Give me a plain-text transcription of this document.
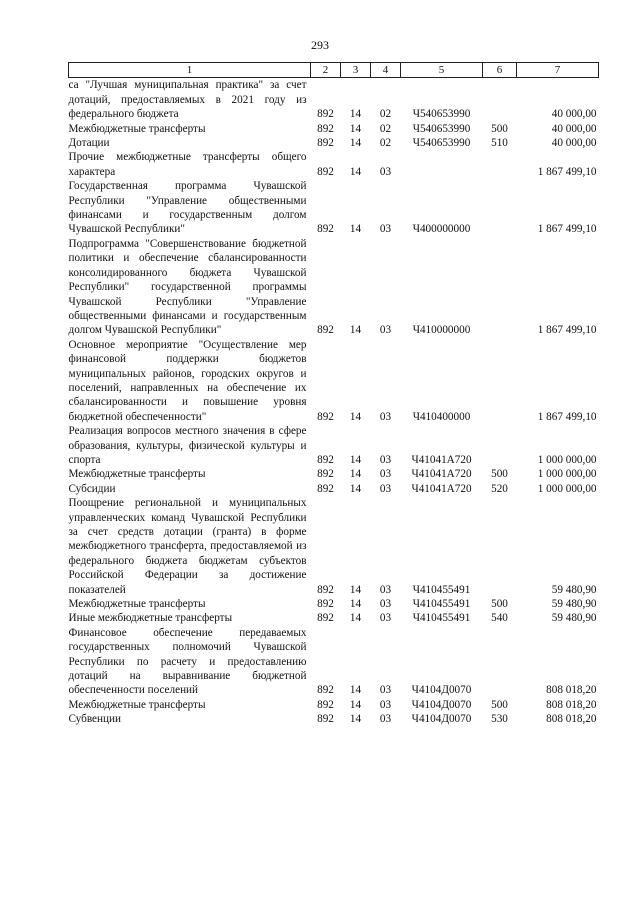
293
1	2	3	4	5	6	7
са "Лучшая муниципальная практика" за счет дотаций, предоставляемых в 2021 году из федерального бюджета	892	14	02	Ч540653990		40 000,00
Межбюджетные трансферты	892	14	02	Ч540653990	500	40 000,00
Дотации	892	14	02	Ч540653990	510	40 000,00
Прочие межбюджетные трансферты общего характера	892	14	03			1 867 499,10
Государственная программа Чувашской Республики "Управление общественными финансами и государственным долгом Чувашской Республики"	892	14	03	Ч400000000		1 867 499,10
Подпрограмма "Совершенствование бюджетной политики и обеспечение сбалансированности консолидированного бюджета Чувашской Республики" государственной программы Чувашской Республики "Управление общественными финансами и государственным долгом Чувашской Республики"	892	14	03	Ч410000000		1 867 499,10
Основное мероприятие "Осуществление мер финансовой поддержки бюджетов муниципальных районов, городских округов и поселений, направленных на обеспечение их сбалансированности и повышение уровня бюджетной обеспеченности"	892	14	03	Ч410400000		1 867 499,10
Реализация вопросов местного значения в сфере образования, культуры, физической культуры и спорта	892	14	03	Ч41041А720		1 000 000,00
Межбюджетные трансферты	892	14	03	Ч41041А720	500	1 000 000,00
Субсидии	892	14	03	Ч41041А720	520	1 000 000,00
Поощрение региональной и муниципальных управленческих команд Чувашской Республики за счет средств дотации (гранта) в форме межбюджетного трансферта, предоставляемой из федерального бюджета бюджетам субъектов Российской Федерации за достижение показателей	892	14	03	Ч410455491		59 480,90
Межбюджетные трансферты	892	14	03	Ч410455491	500	59 480,90
Иные межбюджетные трансферты	892	14	03	Ч410455491	540	59 480,90
Финансовое обеспечение передаваемых государственных полномочий Чувашской Республики по расчету и предоставлению дотаций на выравнивание бюджетной обеспеченности поселений	892	14	03	Ч4104Д0070		808 018,20
Межбюджетные трансферты	892	14	03	Ч4104Д0070	500	808 018,20
Субвенции	892	14	03	Ч4104Д0070	530	808 018,20
